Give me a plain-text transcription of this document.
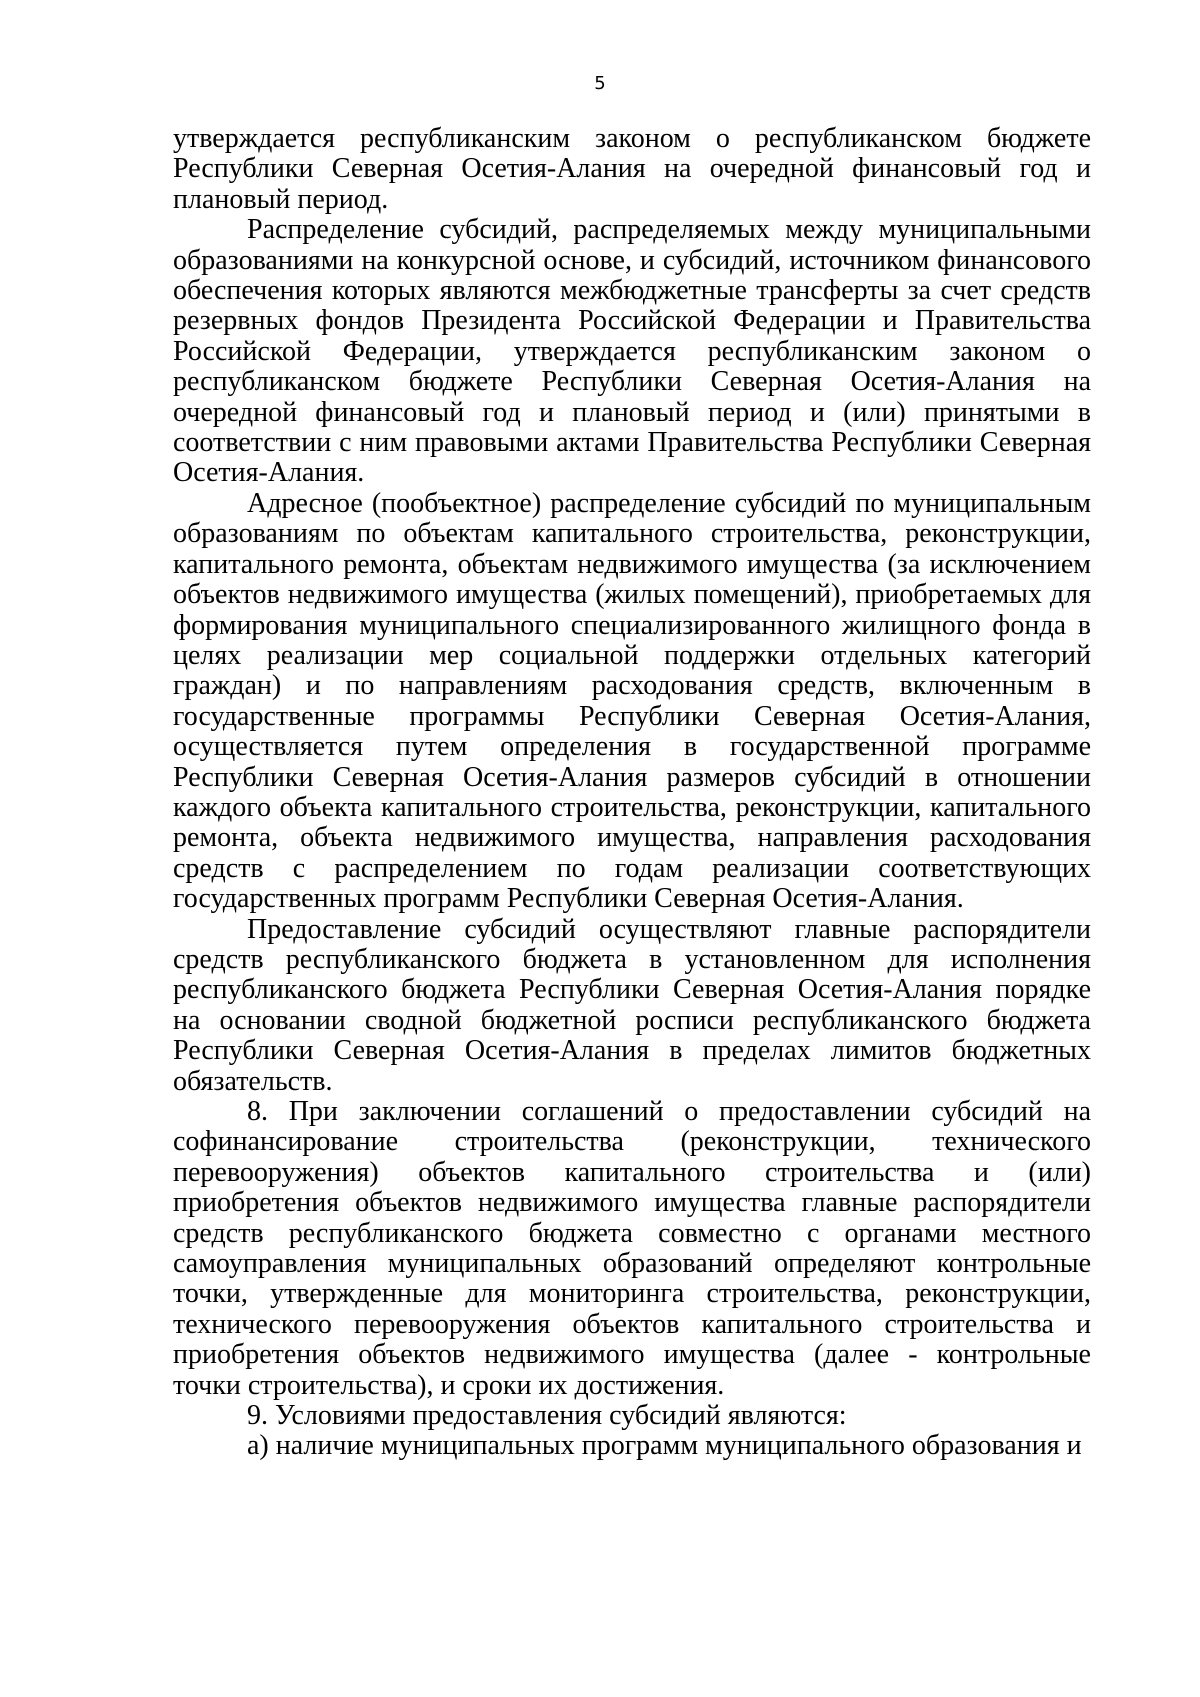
5

утверждается республиканским законом о республиканском бюджете Республики Северная Осетия-Алания на очередной финансовый год и плановый период.

Распределение субсидий, распределяемых между муниципальными образованиями на конкурсной основе, и субсидий, источником финансового обеспечения которых являются межбюджетные трансферты за счет средств резервных фондов Президента Российской Федерации и Правительства Российской Федерации, утверждается республиканским законом о республиканском бюджете Республики Северная Осетия-Алания на очередной финансовый год и плановый период и (или) принятыми в соответствии с ним правовыми актами Правительства Республики Северная Осетия-Алания.

Адресное (пообъектное) распределение субсидий по муниципальным образованиям по объектам капитального строительства, реконструкции, капитального ремонта, объектам недвижимого имущества (за исключением объектов недвижимого имущества (жилых помещений), приобретаемых для формирования муниципального специализированного жилищного фонда в целях реализации мер социальной поддержки отдельных категорий граждан) и по направлениям расходования средств, включенным в государственные программы Республики Северная Осетия-Алания, осуществляется путем определения в государственной программе Республики Северная Осетия-Алания размеров субсидий в отношении каждого объекта капитального строительства, реконструкции, капитального ремонта, объекта недвижимого имущества, направления расходования средств с распределением по годам реализации соответствующих государственных программ Республики Северная Осетия-Алания.

Предоставление субсидий осуществляют главные распорядители средств республиканского бюджета в установленном для исполнения республиканского бюджета Республики Северная Осетия-Алания порядке на основании сводной бюджетной росписи республиканского бюджета Республики Северная Осетия-Алания в пределах лимитов бюджетных обязательств.

8. При заключении соглашений о предоставлении субсидий на софинансирование строительства (реконструкции, технического перевооружения) объектов капитального строительства и (или) приобретения объектов недвижимого имущества главные распорядители средств республиканского бюджета совместно с органами местного самоуправления муниципальных образований определяют контрольные точки, утвержденные для мониторинга строительства, реконструкции, технического перевооружения объектов капитального строительства и приобретения объектов недвижимого имущества (далее - контрольные точки строительства), и сроки их достижения.

9. Условиями предоставления субсидий являются:

а) наличие муниципальных программ муниципального образования и
